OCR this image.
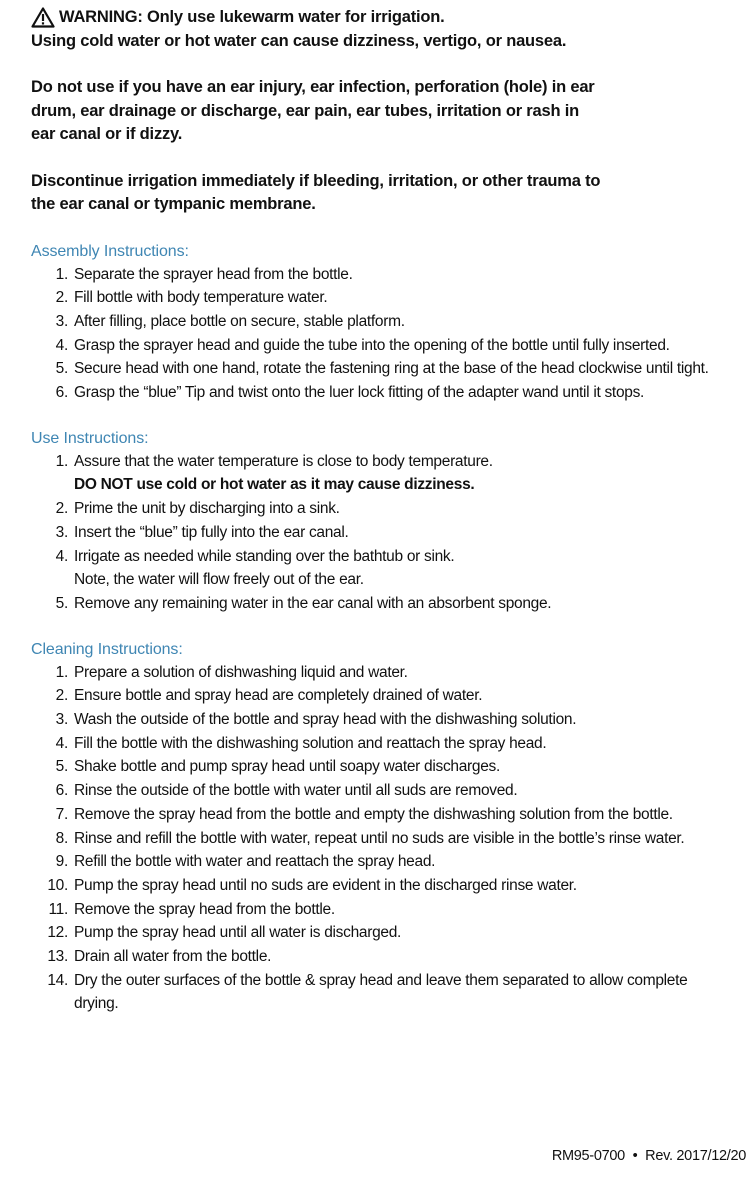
WARNING: Only use lukewarm water for irrigation.
Using cold water or hot water can cause dizziness, vertigo, or nausea.
Do not use if you have an ear injury, ear infection, perforation (hole) in ear
drum, ear drainage or discharge, ear pain, ear tubes, irritation or rash in
ear canal or if dizzy.
Discontinue irrigation immediately if bleeding, irritation, or other trauma to
the ear canal or tympanic membrane.
Assembly Instructions:
1. Separate the sprayer head from the bottle.
2. Fill bottle with body temperature water.
3. After filling, place bottle on secure, stable platform.
4. Grasp the sprayer head and guide the tube into the opening of the bottle until fully inserted.
5. Secure head with one hand, rotate the fastening ring at the base of the head clockwise until tight.
6. Grasp the “blue” Tip and twist onto the luer lock fitting of the adapter wand until it stops.
Use Instructions:
1. Assure that the water temperature is close to body temperature.
DO NOT use cold or hot water as it may cause dizziness.
2. Prime the unit by discharging into a sink.
3. Insert the “blue” tip fully into the ear canal.
4. Irrigate as needed while standing over the bathtub or sink.
Note, the water will flow freely out of the ear.
5. Remove any remaining water in the ear canal with an absorbent sponge.
Cleaning Instructions:
1. Prepare a solution of dishwashing liquid and water.
2. Ensure bottle and spray head are completely drained of water.
3. Wash the outside of the bottle and spray head with the dishwashing solution.
4. Fill the bottle with the dishwashing solution and reattach the spray head.
5. Shake bottle and pump spray head until soapy water discharges.
6. Rinse the outside of the bottle with water until all suds are removed.
7. Remove the spray head from the bottle and empty the dishwashing solution from the bottle.
8. Rinse and refill the bottle with water, repeat until no suds are visible in the bottle’s rinse water.
9. Refill the bottle with water and reattach the spray head.
10. Pump the spray head until no suds are evident in the discharged rinse water.
11. Remove the spray head from the bottle.
12. Pump the spray head until all water is discharged.
13. Drain all water from the bottle.
14. Dry the outer surfaces of the bottle & spray head and leave them separated to allow complete drying.
RM95-0700 • Rev. 2017/12/20
